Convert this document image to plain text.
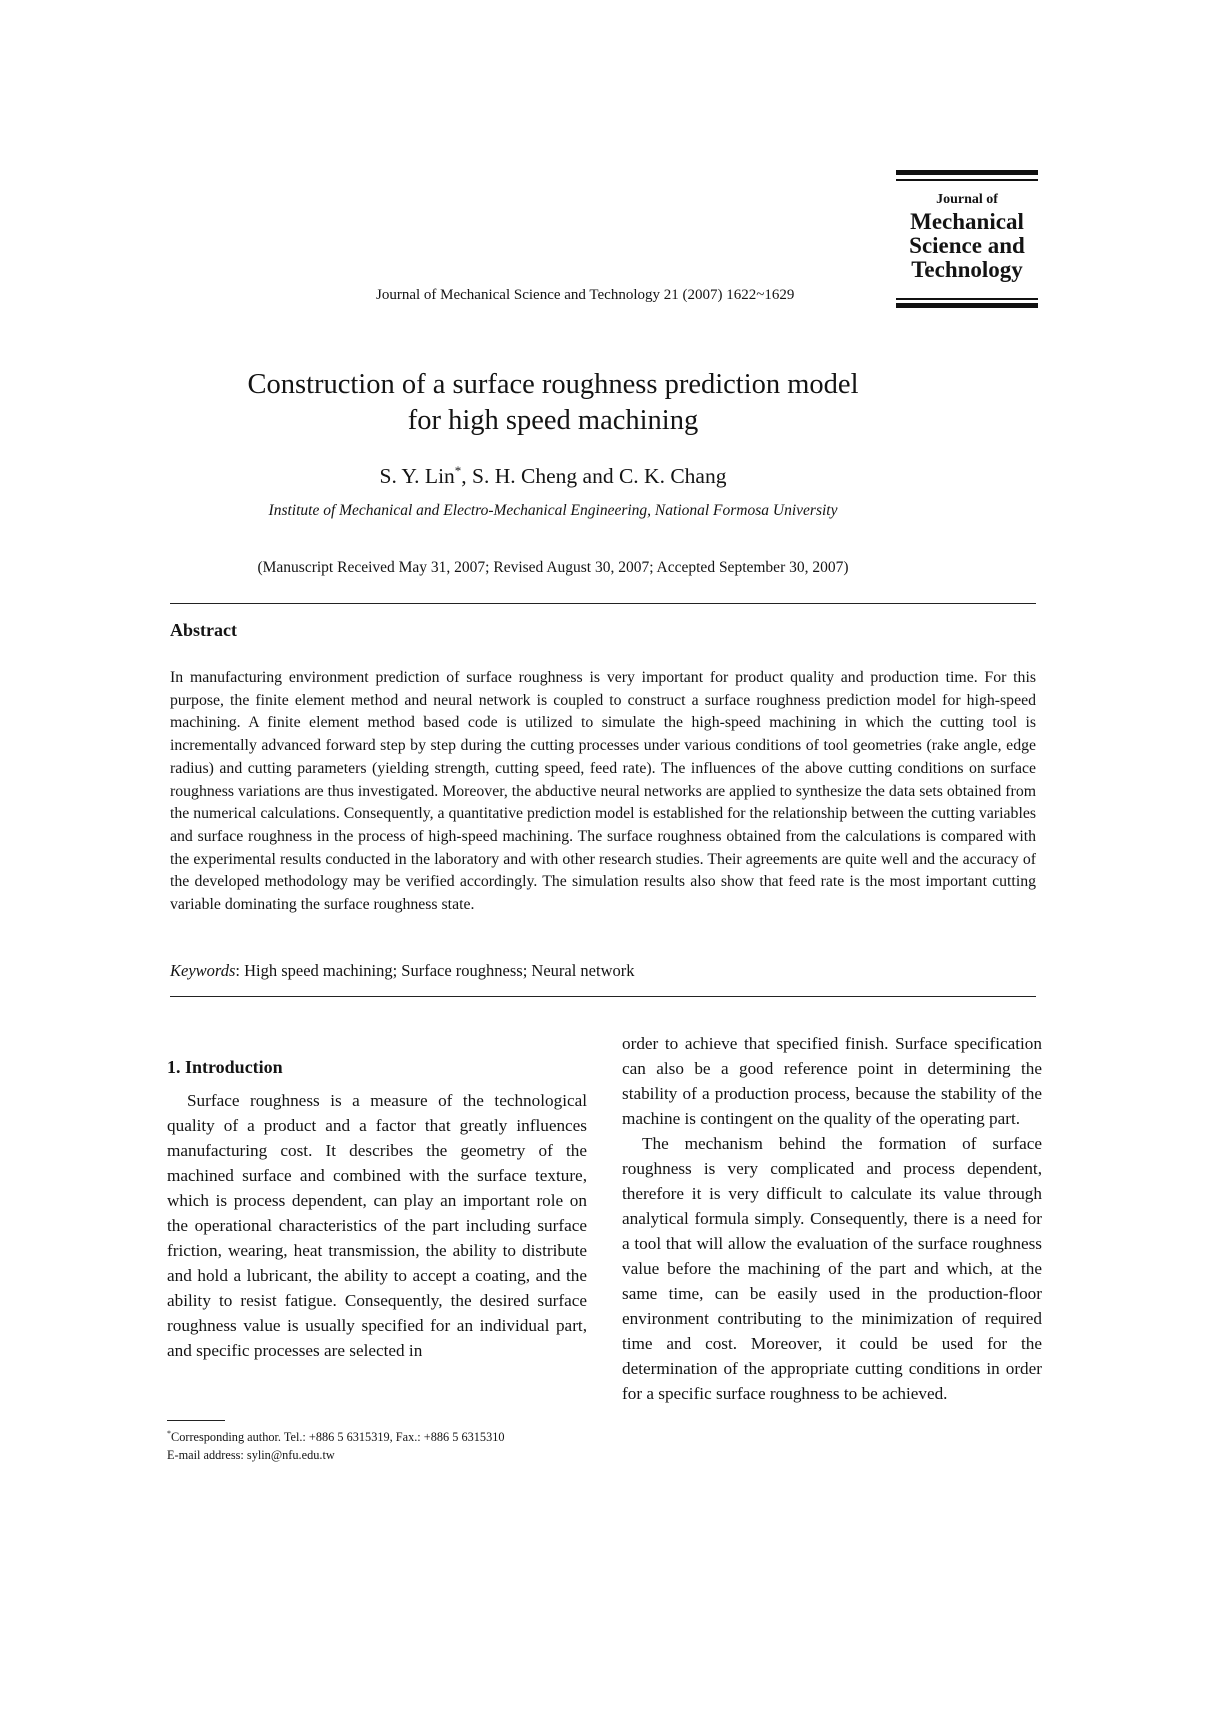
Journal of
Mechanical
Science and
Technology
Journal of Mechanical Science and Technology 21 (2007) 1622~1629
Construction of a surface roughness prediction model
for high speed machining
S. Y. Lin*, S. H. Cheng and C. K. Chang
Institute of Mechanical and Electro-Mechanical Engineering, National Formosa University
(Manuscript Received May 31, 2007; Revised August 30, 2007; Accepted September 30, 2007)
Abstract
In manufacturing environment prediction of surface roughness is very important for product quality and production time. For this purpose, the finite element method and neural network is coupled to construct a surface roughness prediction model for high-speed machining. A finite element method based code is utilized to simulate the high-speed machining in which the cutting tool is incrementally advanced forward step by step during the cutting processes under various conditions of tool geometries (rake angle, edge radius) and cutting parameters (yielding strength, cutting speed, feed rate). The influences of the above cutting conditions on surface roughness variations are thus investigated. Moreover, the abductive neural networks are applied to synthesize the data sets obtained from the numerical calculations. Consequently, a quantitative prediction model is established for the relationship between the cutting variables and surface roughness in the process of high-speed machining. The surface roughness obtained from the calculations is compared with the experimental results conducted in the laboratory and with other research studies. Their agreements are quite well and the accuracy of the developed methodology may be verified accordingly. The simulation results also show that feed rate is the most important cutting variable dominating the surface roughness state.
Keywords: High speed machining; Surface roughness; Neural network
1. Introduction

Surface roughness is a measure of the technological quality of a product and a factor that greatly influences manufacturing cost. It describes the geometry of the machined surface and combined with the surface texture, which is process dependent, can play an important role on the operational characteristics of the part including surface friction, wearing, heat transmission, the ability to distribute and hold a lubricant, the ability to accept a coating, and the ability to resist fatigue. Consequently, the desired surface roughness value is usually specified for an individual part, and specific processes are selected in

order to achieve that specified finish. Surface specification can also be a good reference point in determining the stability of a production process, because the stability of the machine is contingent on the quality of the operating part.

The mechanism behind the formation of surface roughness is very complicated and process dependent, therefore it is very difficult to calculate its value through analytical formula simply. Consequently, there is a need for a tool that will allow the evaluation of the surface roughness value before the machining of the part and which, at the same time, can be easily used in the production-floor environment contributing to the minimization of required time and cost. Moreover, it could be used for the determination of the appropriate cutting conditions in order for a specific surface roughness to be achieved.

*Corresponding author. Tel.: +886 5 6315319, Fax.: +886 5 6315310
E-mail address: sylin@nfu.edu.tw
